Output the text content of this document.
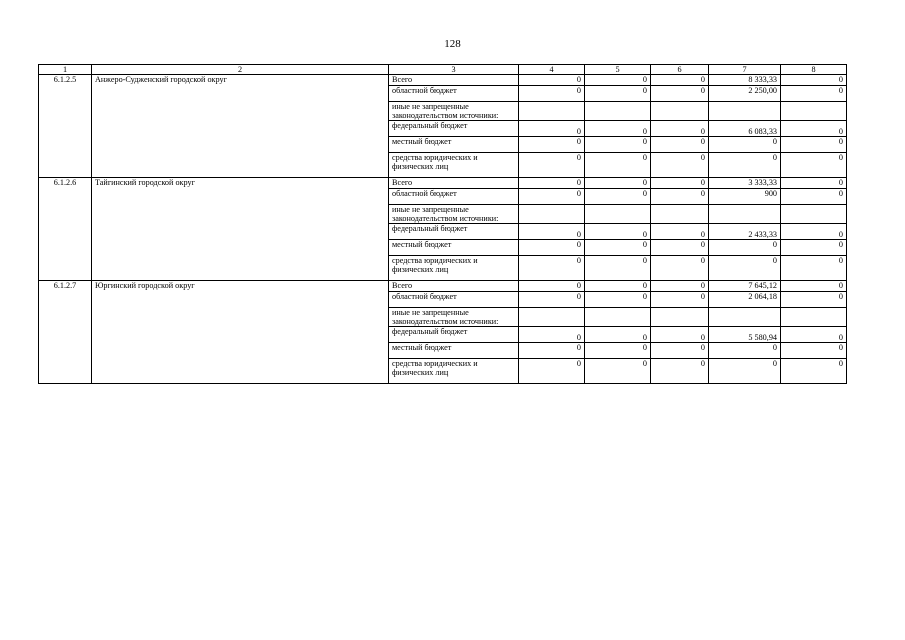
128
1	2	3	4	5	6	7	8
6.1.2.5	Анжеро-Судженский городской округ	Всего	0	0	0	8 333,33	0
		областной бюджет	0	0	0	2 250,00	0
		иные не запрещенные законодательством источники:					
		федеральный бюджет	0	0	0	6 083,33	0
		местный бюджет	0	0	0	0	0
		средства юридических и физических лиц	0	0	0	0	0
6.1.2.6	Тайгинский городской округ	Всего	0	0	0	3 333,33	0
		областной бюджет	0	0	0	900	0
		иные не запрещенные законодательством источники:					
		федеральный бюджет	0	0	0	2 433,33	0
		местный бюджет	0	0	0	0	0
		средства юридических и физических лиц	0	0	0	0	0
6.1.2.7	Юргинский городской округ	Всего	0	0	0	7 645,12	0
		областной бюджет	0	0	0	2 064,18	0
		иные не запрещенные законодательством источники:					
		федеральный бюджет	0	0	0	5 580,94	0
		местный бюджет	0	0	0	0	0
		средства юридических и физических лиц	0	0	0	0	0
